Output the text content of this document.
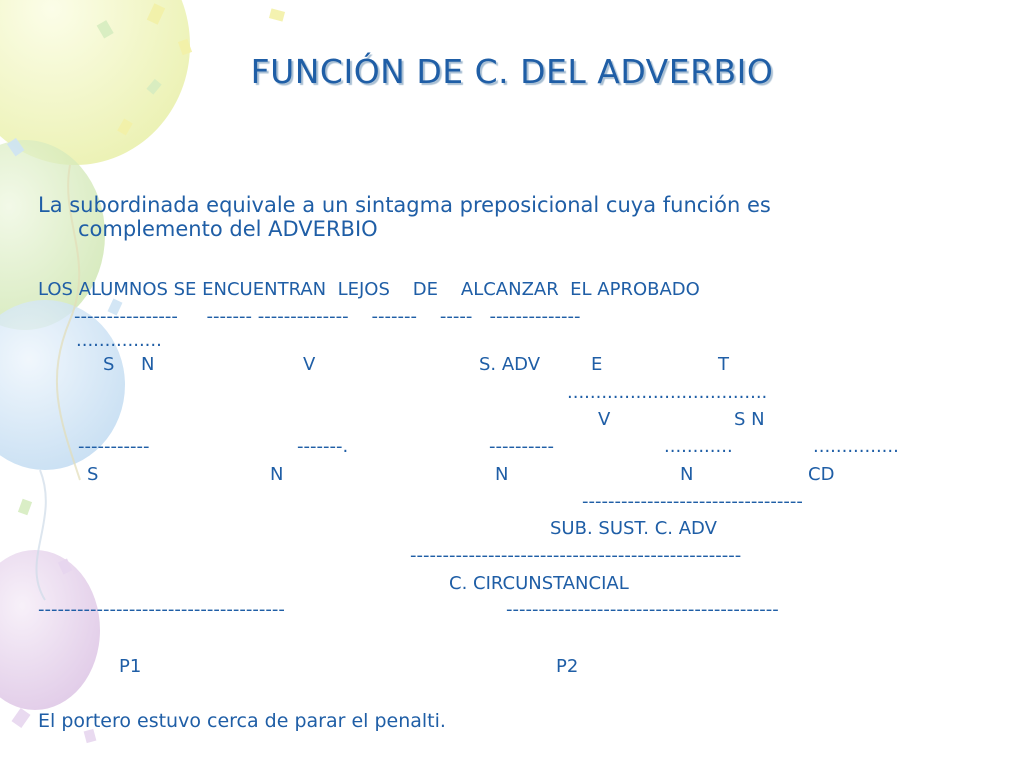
FUNCIÓN DE C. DEL ADVERBIO
La subordinada equivale a un sintagma preposicional cuya función es
complemento del ADVERBIO
LOS ALUMNOS SE ENCUENTRAN  LEJOS    DE    ALCANZAR  EL APROBADO
----------------     ------- --------------    -------    -----   --------------
...............
S N	V	S. ADV	E	T
...................................
V	S N
-----------	-------.	----------	............	...............
S	N	N	N	CD
----------------------------------
SUB. SUST. C. ADV
---------------------------------------------------
C. CIRCUNSTANCIAL
--------------------------------------	------------------------------------------
P1	P2
El portero estuvo cerca de parar el penalti.
